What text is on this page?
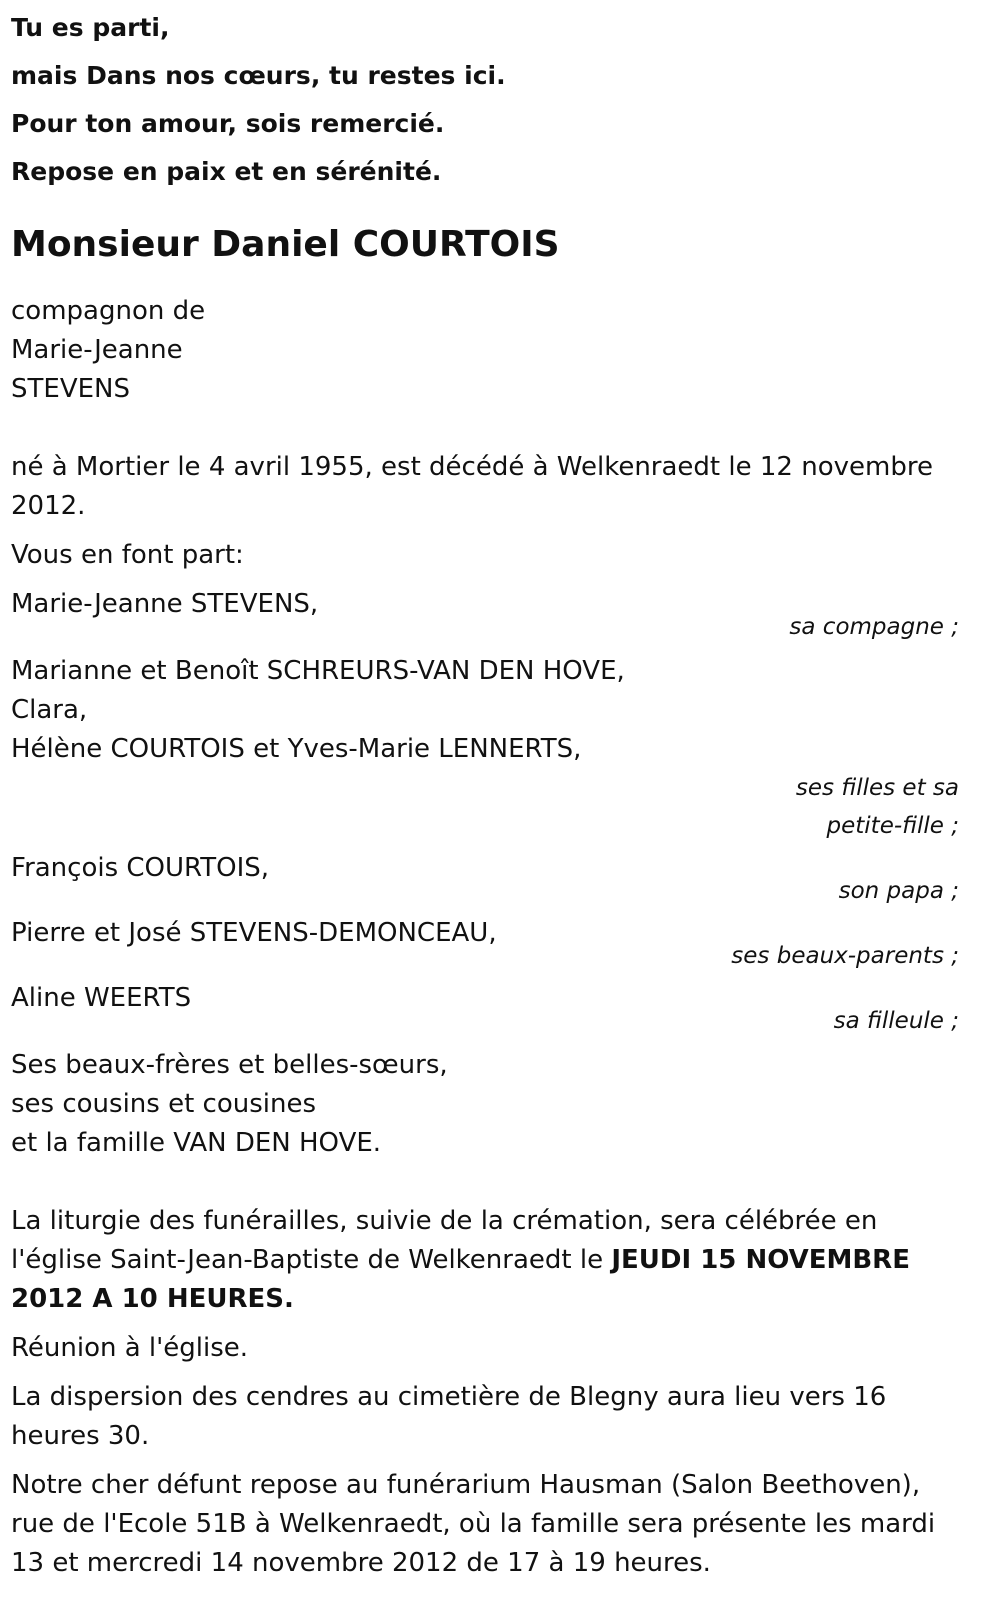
Tu es parti,

mais Dans nos cœurs, tu restes ici.

Pour ton amour, sois remercié.

Repose en paix et en sérénité.

Monsieur Daniel COURTOIS
compagnon de
Marie-Jeanne
STEVENS
né à Mortier le 4 avril 1955, est décédé à Welkenraedt le 12 novembre 2012.
Vous en font part:
Marie-Jeanne STEVENS,
sa compagne ;
Marianne et Benoît SCHREURS-VAN DEN HOVE,
Clara,
Hélène COURTOIS et Yves-Marie LENNERTS,
ses filles et sa
petite-fille ;
François COURTOIS,
son papa ;
Pierre et José STEVENS-DEMONCEAU,
ses beaux-parents ;
Aline WEERTS
sa filleule ;
Ses beaux-frères et belles-sœurs,
ses cousins et cousines
et la famille VAN DEN HOVE.
La liturgie des funérailles, suivie de la crémation, sera célébrée en l'église Saint-Jean-Baptiste de Welkenraedt le JEUDI 15 NOVEMBRE 2012 A 10 HEURES.
Réunion à l'église.
La dispersion des cendres au cimetière de Blegny aura lieu vers 16 heures 30.
Notre cher défunt repose au funérarium Hausman (Salon Beethoven), rue de l'Ecole 51B à Welkenraedt, où la famille sera présente les mardi 13 et mercredi 14 novembre 2012 de 17 à 19 heures.
